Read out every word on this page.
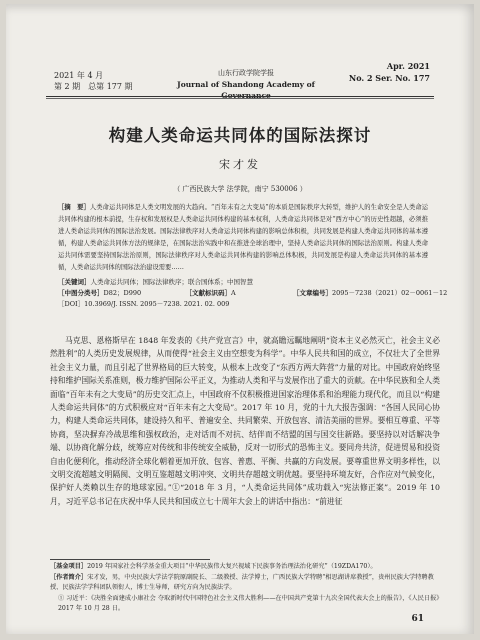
2021 年 4 月
第 2 期　总第 177 期
山东行政学院学报
Journal of Shandong Academy of Governance
Apr. 2021
No. 2 Ser. No. 177
构建人类命运共同体的国际法探讨
宋才发
（ 广西民族大学 法学院，南宁 530006 ）
［摘　要］人类命运共同体是人类文明发展的大趋向。“百年未有之大变局”的本质是国际秩序大转型，维护人的生命安全是人类命运共同体构建的根本前提，生存权和发展权是人类命运共同体构建的基本权利，人类命运共同体是对“西方中心”的历史性超越，必须推进人类命运共同体的国际法治发展。国际法律秩序对人类命运共同体构建的影响总体积极，共同发展是构建人类命运共同体的基本遵循，构建人类命运共同体方法的规律是，在国际法治实践中和在推进全球治理中，坚持人类命运共同体的国际法治原则。构建人类命运共同体需要坚持国际法治原则，国际法律秩序对人类命运共同体构建的影响总体积极，共同发展是构建人类命运共同体的基本遵循，人类命运共同体的国际法治建设需要……
［关键词］人类命运共同体；国际法律秩序；联合国体系；中国智慧
［中图分类号］D82；D990	［文献标识码］A	［文章编号］2095－7238（2021）02－0061－12
［DOI］10.3969/J. ISSN. 2095－7238. 2021. 02. 009
马克思、恩格斯早在 1848 年发表的《共产党宣言》中，就高瞻远瞩地阐明“资本主义必然灭亡，社会主义必然胜利”的人类历史发展规律，从而使得“社会主义由空想变为科学”。中华人民共和国的成立，不仅壮大了全世界社会主义力量，而且引起了世界格局的巨大转变，从根本上改变了“东西方两大阵营”力量的对比。中国政府始终坚持和维护国际关系准则，极力维护国际公平正义，为推动人类和平与发展作出了重大的贡献。在中华民族和全人类面临“百年未有之大变局”的历史交汇点上，中国政府不仅积极推进国家治理体系和治理能力现代化，而且以“构建人类命运共同体”的方式积极应对“百年未有之大变局”。2017 年 10 月，党的十九大报告强调：“各国人民同心协力，构建人类命运共同体，建设持久和平、普遍安全、共同繁荣、开放包容、清洁美丽的世界。要相互尊重、平等协商，坚决摒弃冷战思维和强权政治，走对话而不对抗、结伴而不结盟的国与国交往新路。要坚持以对话解决争端、以协商化解分歧，统筹应对传统和非传统安全威胁，反对一切形式的恐怖主义。要同舟共济，促进贸易和投资自由化便利化，推动经济全球化朝着更加开放、包容、普惠、平衡、共赢的方向发展。要尊重世界文明多样性，以文明交流超越文明隔阂、文明互鉴超越文明冲突、文明共存超越文明优越。要坚持环境友好，合作应对气候变化，保护好人类赖以生存的地球家园。”①“2018 年 3 月，“人类命运共同体”成功载入“宪法修正案”。2019 年 10 月，习近平总书记在庆祝中华人民共和国成立七十周年大会上的讲话中指出：“前进征
［基金项目］2019 年国家社会科学基金重大项目“中华民族伟大复兴视域下民族事务治理法治化研究”（19ZDA170）。
［作者简介］宋才发，男，中央民族大学法学院原副院长、二级教授、法学博士，广西民族大学特聘“相思湖讲席教授”，贵州民族大学特聘教授、民族法学学科团队领衔人，博士生导师，研究方向为民族法学。
① 习近平：《决胜全面建成小康社会 夺取新时代中国特色社会主义伟大胜利——在中国共产党第十九次全国代表大会上的报告》，《人民日报》2017 年 10 月 28 日。
61
